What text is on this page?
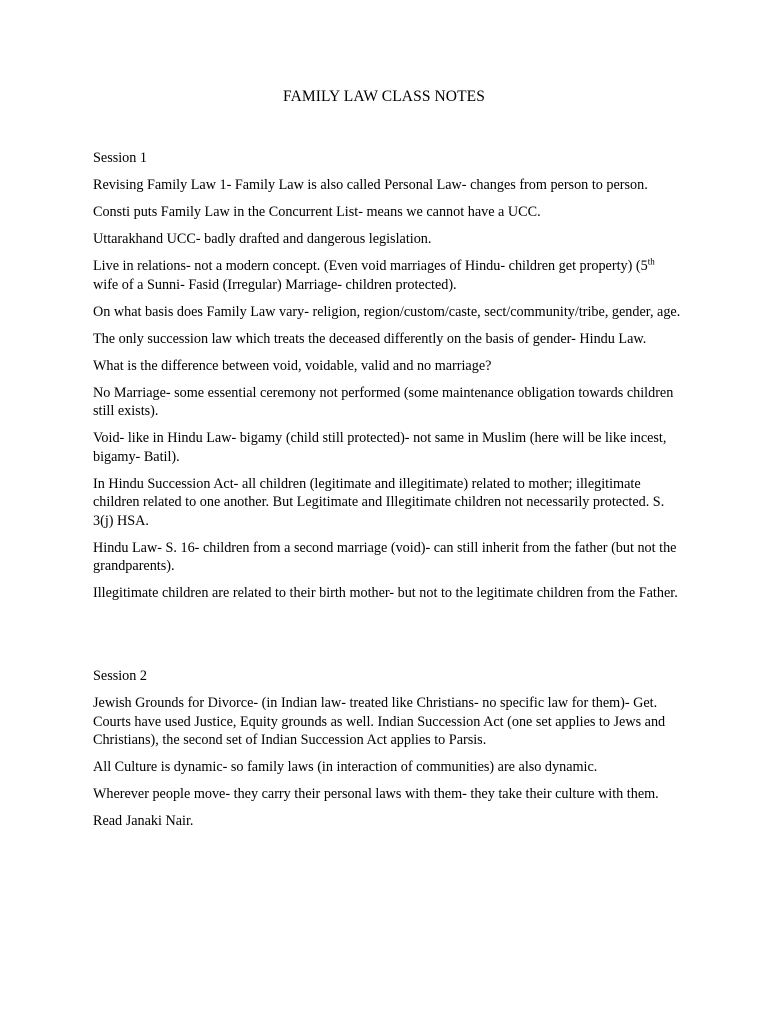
FAMILY LAW CLASS NOTES

Session 1

Revising Family Law 1- Family Law is also called Personal Law- changes from person to person.

Consti puts Family Law in the Concurrent List- means we cannot have a UCC.

Uttarakhand UCC- badly drafted and dangerous legislation.

Live in relations- not a modern concept. (Even void marriages of Hindu- children get property) (5th wife of a Sunni- Fasid (Irregular) Marriage- children protected).

On what basis does Family Law vary- religion, region/custom/caste, sect/community/tribe, gender, age.

The only succession law which treats the deceased differently on the basis of gender- Hindu Law.

What is the difference between void, voidable, valid and no marriage?

No Marriage- some essential ceremony not performed (some maintenance obligation towards children still exists).

Void- like in Hindu Law- bigamy (child still protected)- not same in Muslim (here will be like incest, bigamy- Batil).

In Hindu Succession Act- all children (legitimate and illegitimate) related to mother; illegitimate children related to one another. But Legitimate and Illegitimate children not necessarily protected. S. 3(j) HSA.

Hindu Law- S. 16- children from a second marriage (void)- can still inherit from the father (but not the grandparents).

Illegitimate children are related to their birth mother- but not to the legitimate children from the Father.

Session 2

Jewish Grounds for Divorce- (in Indian law- treated like Christians- no specific law for them)- Get. Courts have used Justice, Equity grounds as well. Indian Succession Act (one set applies to Jews and Christians), the second set of Indian Succession Act applies to Parsis.

All Culture is dynamic- so family laws (in interaction of communities) are also dynamic.

Wherever people move- they carry their personal laws with them- they take their culture with them.

Read Janaki Nair.
